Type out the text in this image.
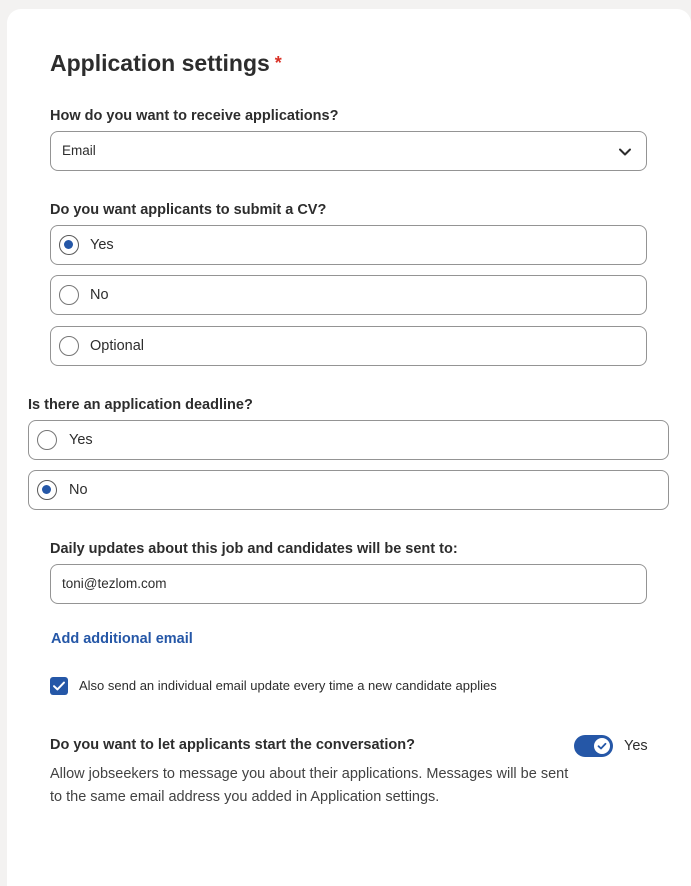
Application settings *
How do you want to receive applications?
Email
Do you want applicants to submit a CV?
Yes
No
Optional
Is there an application deadline?
Yes
No
Daily updates about this job and candidates will be sent to:
toni@tezlom.com
Add additional email
Also send an individual email update every time a new candidate applies
Do you want to let applicants start the conversation?	Yes
Allow jobseekers to message you about their applications. Messages will be sent to the same email address you added in Application settings.
